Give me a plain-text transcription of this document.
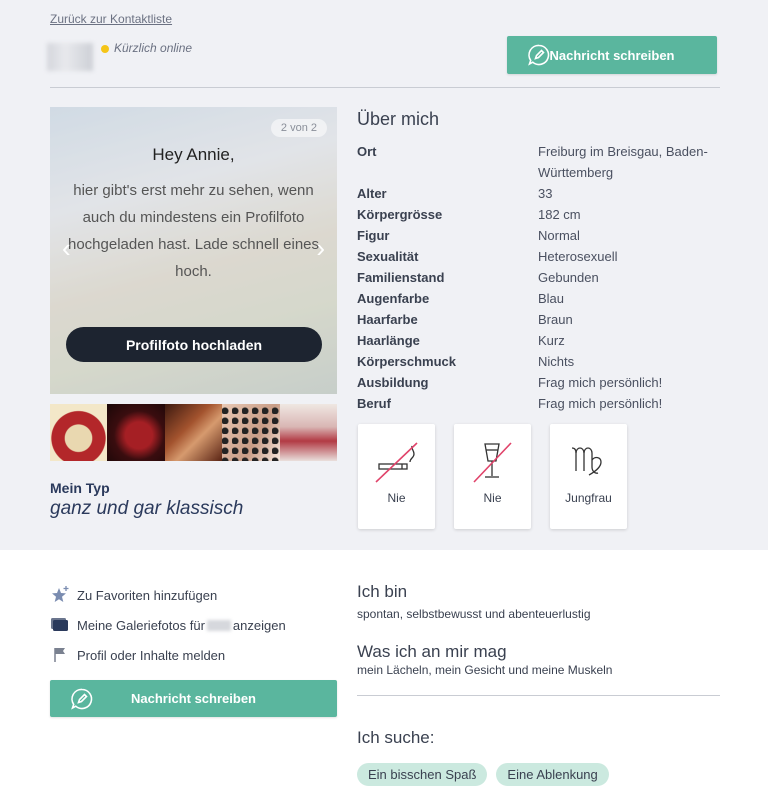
Zurück zur Kontaktliste
Kürzlich online	Nachricht schreiben
2 von 2
Hey Annie,
hier gibt's erst mehr zu sehen, wenn auch du mindestens ein Profilfoto hochgeladen hast. Lade schnell eines hoch.
‹	›
Profilfoto hochladen
Mein Typ
ganz und gar klassisch
Über mich
Ort	Freiburg im Breisgau, Baden-Württemberg
Alter	33
Körpergrösse	182 cm
Figur	Normal
Sexualität	Heterosexuell
Familienstand	Gebunden
Augenfarbe	Blau
Haarfarbe	Braun
Haarlänge	Kurz
Körperschmuck	Nichts
Ausbildung	Frag mich persönlich!
Beruf	Frag mich persönlich!
Nie	Nie	Jungfrau
Zu Favoriten hinzufügen
Meine Galeriefotos für anzeigen
Profil oder Inhalte melden
Nachricht schreiben
Ich bin
spontan, selbstbewusst und abenteuerlustig
Was ich an mir mag
mein Lächeln, mein Gesicht und meine Muskeln
Ich suche:
Ein bisschen Spaß	Eine Ablenkung
